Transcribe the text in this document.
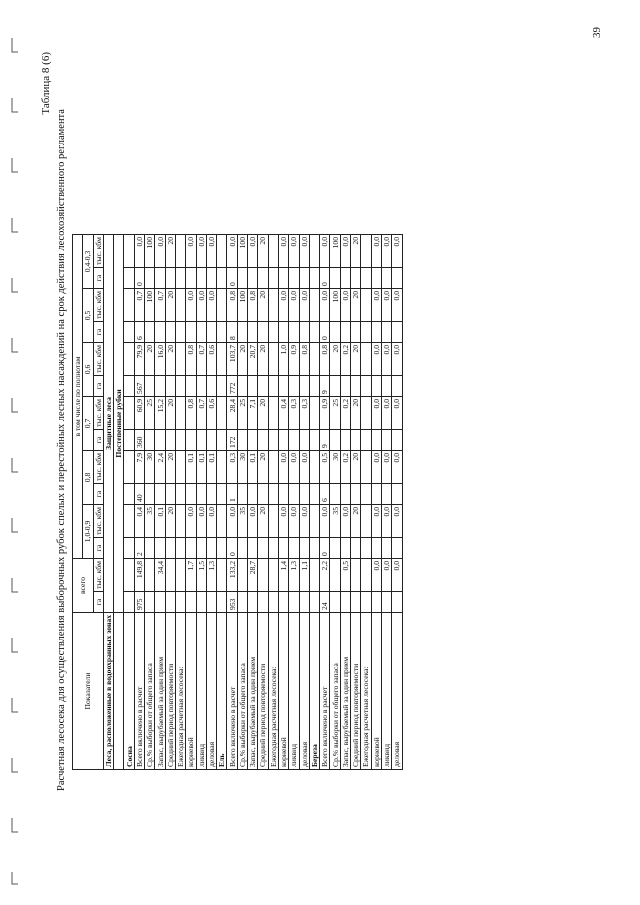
39
Таблица 8 (6)
Расчетная лесосека для осуществления выборочных рубок спелых и перестойных лесных насаждений на срок действия лесохозяйственного регламента	Показатели	всего		в том числе по полнотам											
			1,0-0,9		0,8		0,7		0,6		0,5		0,4-0,3	
	га	тыс. кбм	га	тыс. кбм	га	тыс. кбм	га	тыс. кбм	га	тыс. кбм	га	тыс. кбм	га	тыс. кбм
Леса, расположенные в водоохранных зонах	Защитные леса													
	Постепенные рубки													
Сосна														
Всего включено в расчет	975	149,8	2	0,4	40	7,9	360	60,9	567	79,9	6	0,7	0	0,0
Ср.% выборки от общего запаса				35		30		25		20		100		100
Запас, вырубаемый за один прием		34,4		0,1		2,4		15,2		16,0		0,7		0,0
Средний период повторяемости				20		20		20		20		20		20
Ежегодная расчетная лесосека:														
корневой		1,7		0,0		0,1		0,8		0,8		0,0		0,0
ликвид		1,5		0,0		0,1		0,7		0,7		0,0		0,0
деловая		1,3		0,0		0,1		0,6		0,6		0,0		0,0
Ель														
Всего включено в расчет	953	133,2	0	0,0	1	0,3	172	28,4	772	103,7	8	0,8	0	0,0
Ср.% выборки от общего запаса				35		30		25		20		100		100
Запас, вырубаемый за один прием		28,7		0,0		0,1		7,1		20,7		0,8		0,0
Средний период повторяемости				20		20		20		20		20		20
Ежегодная расчетная лесосека:														
корневой		1,4		0,0		0,0		0,4		1,0		0,0		0,0
ликвид		1,3		0,0		0,0		0,3		0,9		0,0		0,0
деловая		1,1		0,0		0,0		0,3		0,8		0,0		0,0
Береза														
Всего включено в расчет	24	2,2	0	0,0	6	0,5	9	0,9	9	0,8	0	0,0	0	0,0
Ср.% выборки от общего запаса				35		30		25		20		100		100
Запас, вырубаемый за один прием		0,5		0,0		0,2		0,2		0,2		0,0		0,0
Средний период повторяемости				20		20		20		20		20		20
Ежегодная расчетная лесосека:														
корневой		0,0		0,0		0,0		0,0		0,0		0,0		0,0
ликвид		0,0		0,0		0,0		0,0		0,0		0,0		0,0
деловая		0,0		0,0		0,0		0,0		0,0		0,0		0,0
